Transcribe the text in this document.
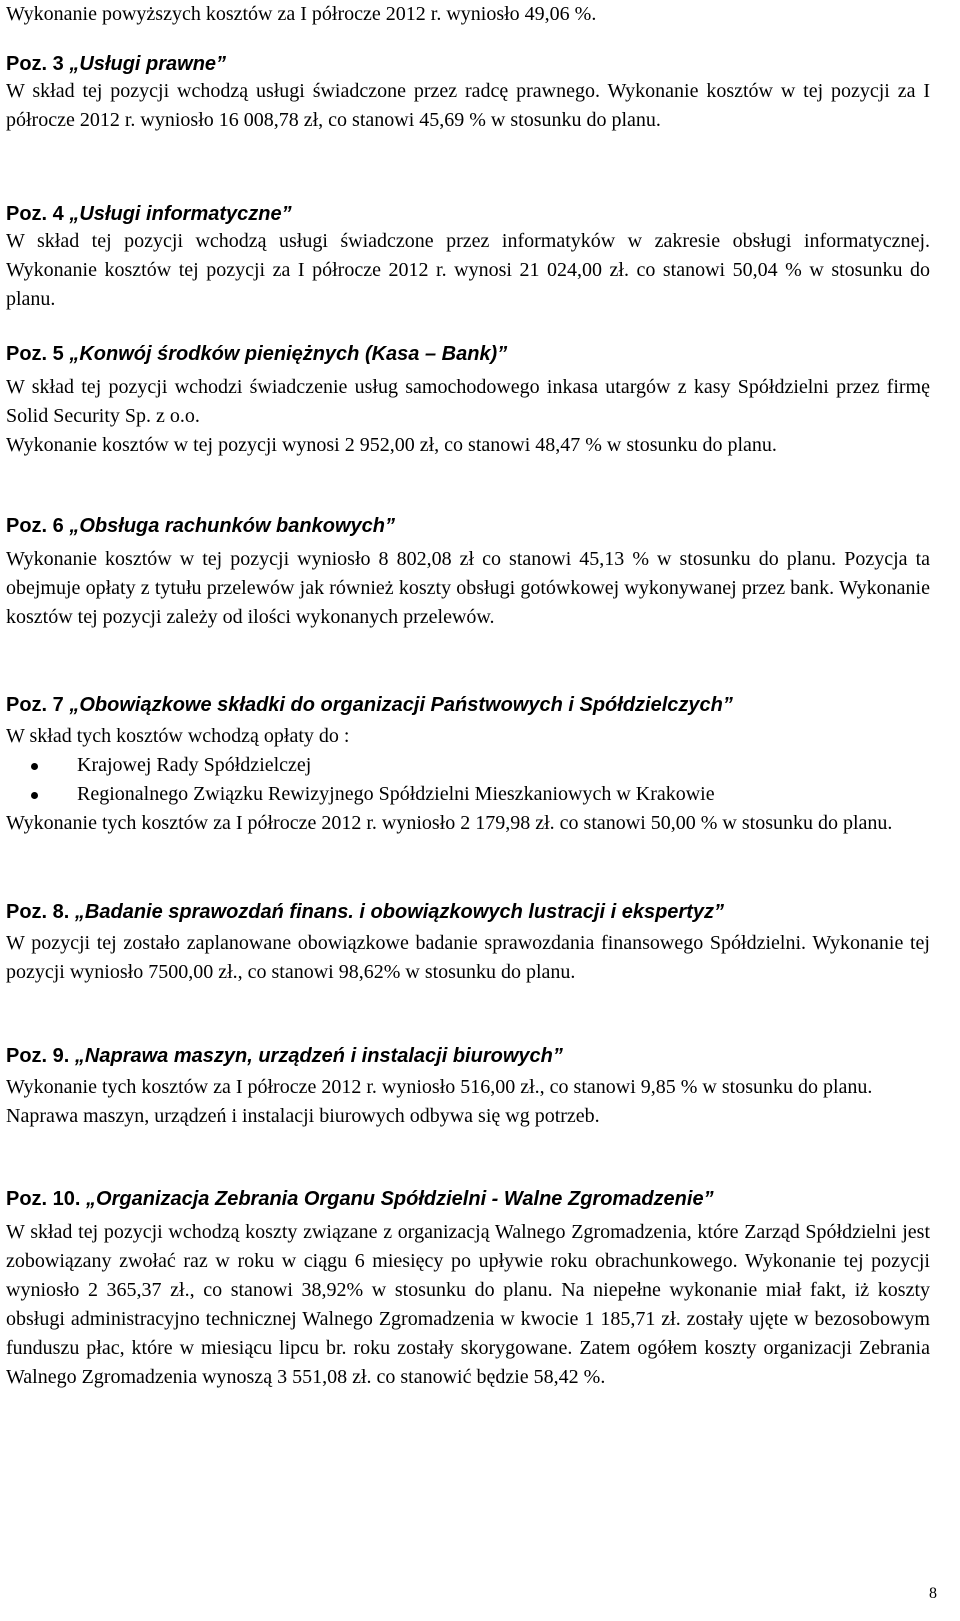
Wykonanie powyższych kosztów za I półrocze 2012 r. wyniosło 49,06 %.

Poz. 3 „Usługi prawne”

W skład tej pozycji wchodzą usługi świadczone przez radcę prawnego. Wykonanie kosztów w tej pozycji za I półrocze 2012 r. wyniosło 16 008,78 zł, co stanowi 45,69 % w stosunku do planu.

Poz. 4 „Usługi informatyczne”

W skład tej pozycji wchodzą usługi świadczone przez informatyków w zakresie obsługi informatycznej. Wykonanie kosztów tej pozycji za I półrocze 2012 r. wynosi 21 024,00 zł. co stanowi 50,04 % w stosunku do planu.

Poz. 5 „Konwój środków pieniężnych (Kasa – Bank)”

W skład tej pozycji wchodzi świadczenie usług samochodowego inkasa utargów z kasy Spółdzielni przez firmę Solid Security Sp. z o.o.

Wykonanie kosztów w tej pozycji wynosi 2 952,00 zł, co stanowi 48,47 % w stosunku do planu.

Poz. 6 „Obsługa rachunków bankowych”

Wykonanie kosztów w tej pozycji wyniosło 8 802,08 zł co stanowi 45,13 % w stosunku do planu. Pozycja ta obejmuje opłaty z tytułu przelewów jak również koszty obsługi gotówkowej wykonywanej przez bank. Wykonanie kosztów tej pozycji zależy od ilości wykonanych przelewów.

Poz. 7 „Obowiązkowe składki do organizacji Państwowych i Spółdzielczych”

W skład tych kosztów wchodzą opłaty do :

Krajowej Rady Spółdzielczej
Regionalnego Związku Rewizyjnego Spółdzielni Mieszkaniowych w Krakowie

Wykonanie tych kosztów za I półrocze 2012 r. wyniosło 2 179,98 zł. co stanowi 50,00 % w stosunku do planu.

Poz. 8. „Badanie sprawozdań finans. i obowiązkowych lustracji i ekspertyz”

W pozycji tej zostało zaplanowane obowiązkowe badanie sprawozdania finansowego Spółdzielni. Wykonanie tej pozycji wyniosło 7500,00 zł., co stanowi 98,62% w stosunku do planu.

Poz. 9. „Naprawa maszyn, urządzeń i instalacji biurowych”

Wykonanie tych kosztów za I półrocze 2012 r. wyniosło 516,00 zł., co stanowi 9,85 % w stosunku do planu.

Naprawa maszyn, urządzeń i instalacji biurowych odbywa się wg potrzeb.

Poz. 10. „Organizacja Zebrania Organu Spółdzielni - Walne Zgromadzenie”

W skład tej pozycji wchodzą koszty związane z organizacją Walnego Zgromadzenia, które Zarząd Spółdzielni jest zobowiązany zwołać raz w roku w ciągu 6 miesięcy po upływie roku obrachunkowego. Wykonanie tej pozycji wyniosło 2 365,37 zł., co stanowi 38,92% w stosunku do planu. Na niepełne wykonanie miał fakt, iż koszty obsługi administracyjno technicznej Walnego Zgromadzenia w kwocie 1 185,71 zł. zostały ujęte w bezosobowym funduszu płac, które w miesiącu lipcu br. roku zostały skorygowane. Zatem ogółem koszty organizacji Zebrania Walnego Zgromadzenia wynoszą 3 551,08 zł. co stanowić będzie 58,42 %.

8
